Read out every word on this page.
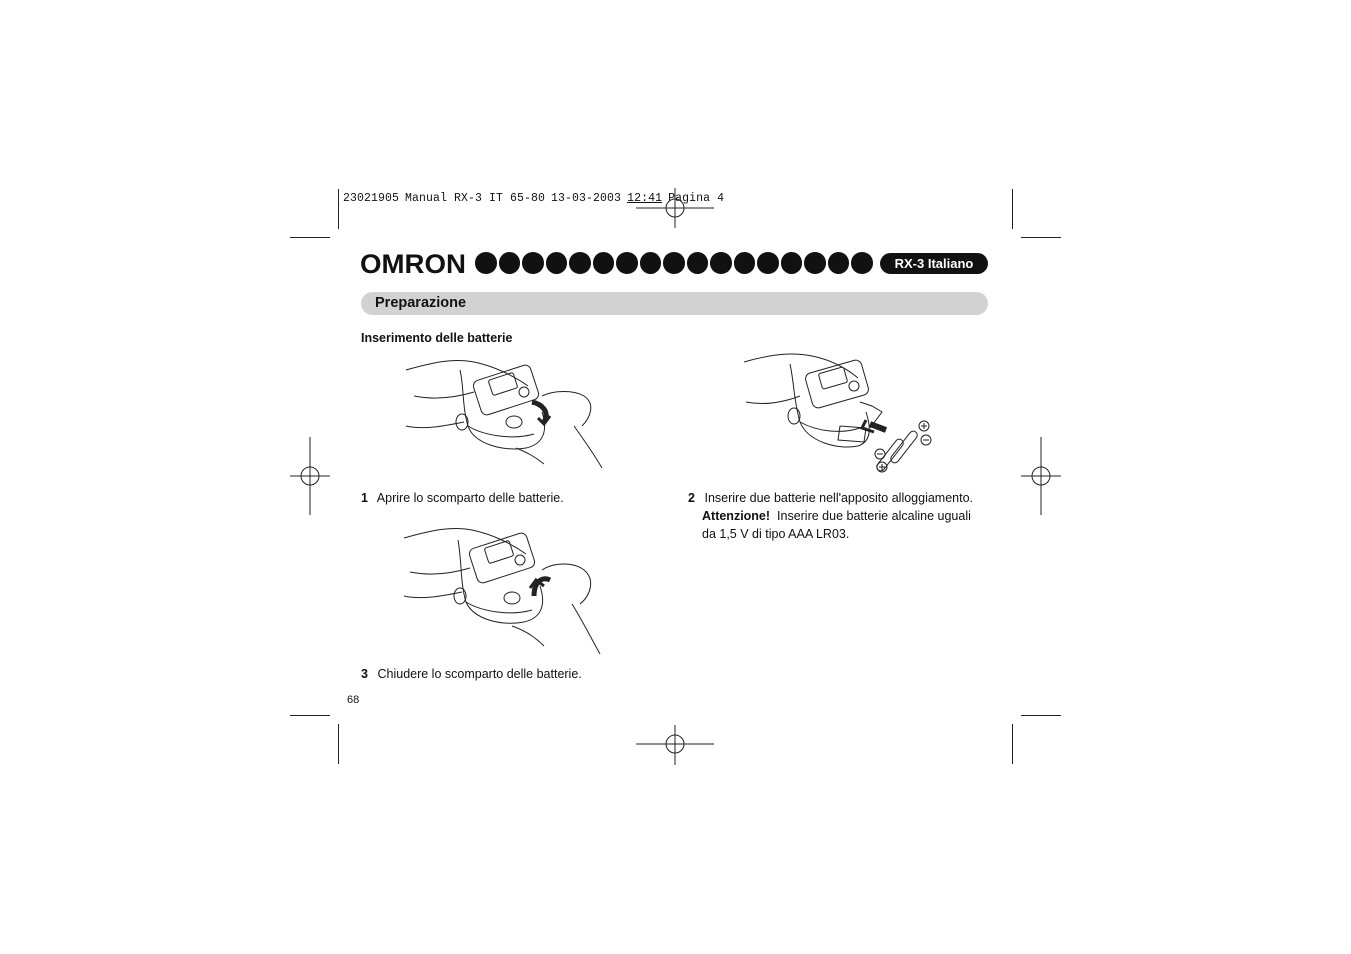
23021905 Manual RX-3 IT 65-80 13-03-2003 12:41 Pagina 4
OMRON	RX-3 Italiano
Preparazione
Inserimento delle batterie
1 Aprire lo scomparto delle batterie.	2 Inserire due batterie nell'apposito alloggiamento.
Attenzione! Inserire due batterie alcaline uguali
da 1,5 V di tipo AAA LR03.
3 Chiudere lo scomparto delle batterie.
68
